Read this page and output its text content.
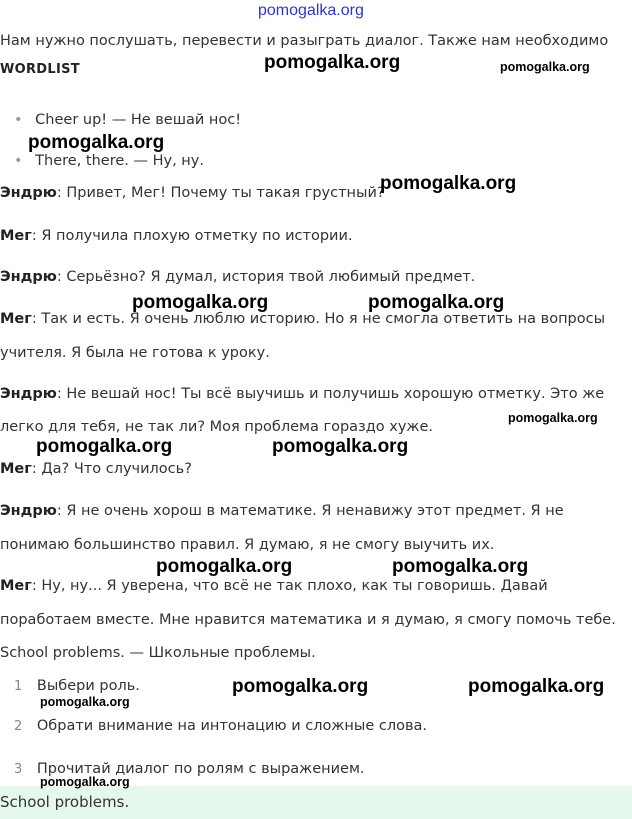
pomogalka.org
Нам нужно послушать, перевести и разыграть диалог. Также нам необходимо
WORDLIST
• Cheer up! — Не вешай нос!
• There, there. — Ну, ну.
Эндрю: Привет, Мег! Почему ты такая грустный?
Мег: Я получила плохую отметку по истории.
Эндрю: Серьёзно? Я думал, история твой любимый предмет.
Мег: Так и есть. Я очень люблю историю. Но я не смогла ответить на вопросы
учителя. Я была не готова к уроку.
Эндрю: Не вешай нос! Ты всё выучишь и получишь хорошую отметку. Это же
легко для тебя, не так ли? Моя проблема гораздо хуже.
Мег: Да? Что случилось?
Эндрю: Я не очень хорош в математике. Я ненавижу этот предмет. Я не
понимаю большинство правил. Я думаю, я не смогу выучить их.
Мег: Ну, ну... Я уверена, что всё не так плохо, как ты говоришь. Давай
поработаем вместе. Мне нравится математика и я думаю, я смогу помочь тебе.
School problems. — Школьные проблемы.
1 Выбери роль.
2 Обрати внимание на интонацию и сложные слова.
3 Прочитай диалог по ролям с выражением.
School problems.
pomogalka.org	pomogalka.org
pomogalka.org
pomogalka.org
pomogalka.org	pomogalka.org
pomogalka.org
pomogalka.org	pomogalka.org
pomogalka.org	pomogalka.org
pomogalka.org	pomogalka.org
pomogalka.org
pomogalka.org
